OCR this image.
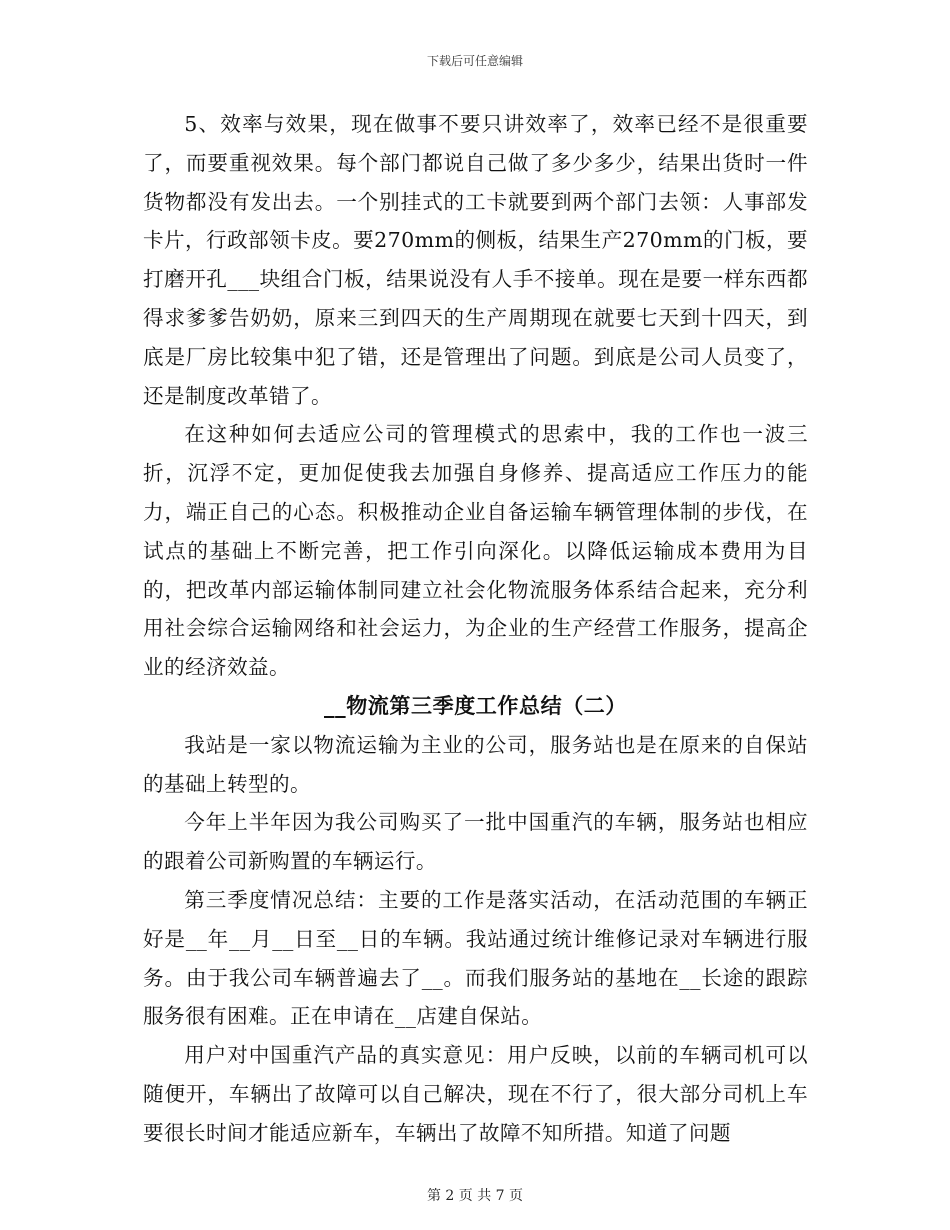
下载后可任意编辑

5、效率与效果，现在做事不要只讲效率了，效率已经不是很重要了，而要重视效果。每个部门都说自己做了多少多少，结果出货时一件货物都没有发出去。一个别挂式的工卡就要到两个部门去领：人事部发卡片，行政部领卡皮。要270mm的侧板，结果生产270mm的门板，要打磨开孔___块组合门板，结果说没有人手不接单。现在是要一样东西都得求爹爹告奶奶，原来三到四天的生产周期现在就要七天到十四天，到底是厂房比较集中犯了错，还是管理出了问题。到底是公司人员变了，还是制度改革错了。

在这种如何去适应公司的管理模式的思索中，我的工作也一波三折，沉浮不定，更加促使我去加强自身修养、提高适应工作压力的能力，端正自己的心态。积极推动企业自备运输车辆管理体制的步伐，在试点的基础上不断完善，把工作引向深化。以降低运输成本费用为目的，把改革内部运输体制同建立社会化物流服务体系结合起来，充分利用社会综合运输网络和社会运力，为企业的生产经营工作服务，提高企业的经济效益。

__物流第三季度工作总结（二）

我站是一家以物流运输为主业的公司，服务站也是在原来的自保站的基础上转型的。

今年上半年因为我公司购买了一批中国重汽的车辆，服务站也相应的跟着公司新购置的车辆运行。

第三季度情况总结：主要的工作是落实活动，在活动范围的车辆正好是__年__月__日至__日的车辆。我站通过统计维修记录对车辆进行服务。由于我公司车辆普遍去了__。而我们服务站的基地在__长途的跟踪服务很有困难。正在申请在__店建自保站。

用户对中国重汽产品的真实意见：用户反映，以前的车辆司机可以随便开，车辆出了故障可以自己解决，现在不行了，很大部分司机上车要很长时间才能适应新车，车辆出了故障不知所措。知道了问题

第 2 页 共 7 页
